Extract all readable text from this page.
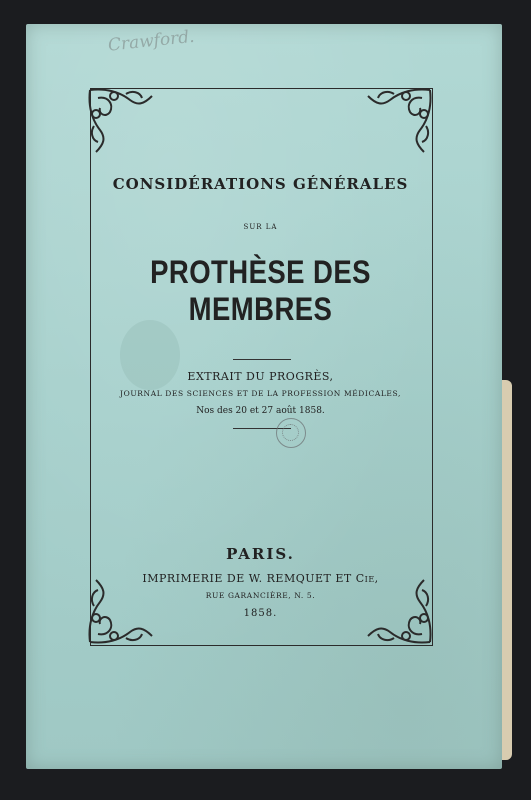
Crawford.
CONSIDÉRATIONS GÉNÉRALES
SUR LA
PROTHÈSE DES MEMBRES
EXTRAIT DU PROGRÈS,
JOURNAL DES SCIENCES ET DE LA PROFESSION MÉDICALES,
Nos des 20 et 27 août 1858.
PARIS.
IMPRIMERIE DE W. REMQUET ET Cie,
RUE GARANCIÈRE, N. 5.
1858.
